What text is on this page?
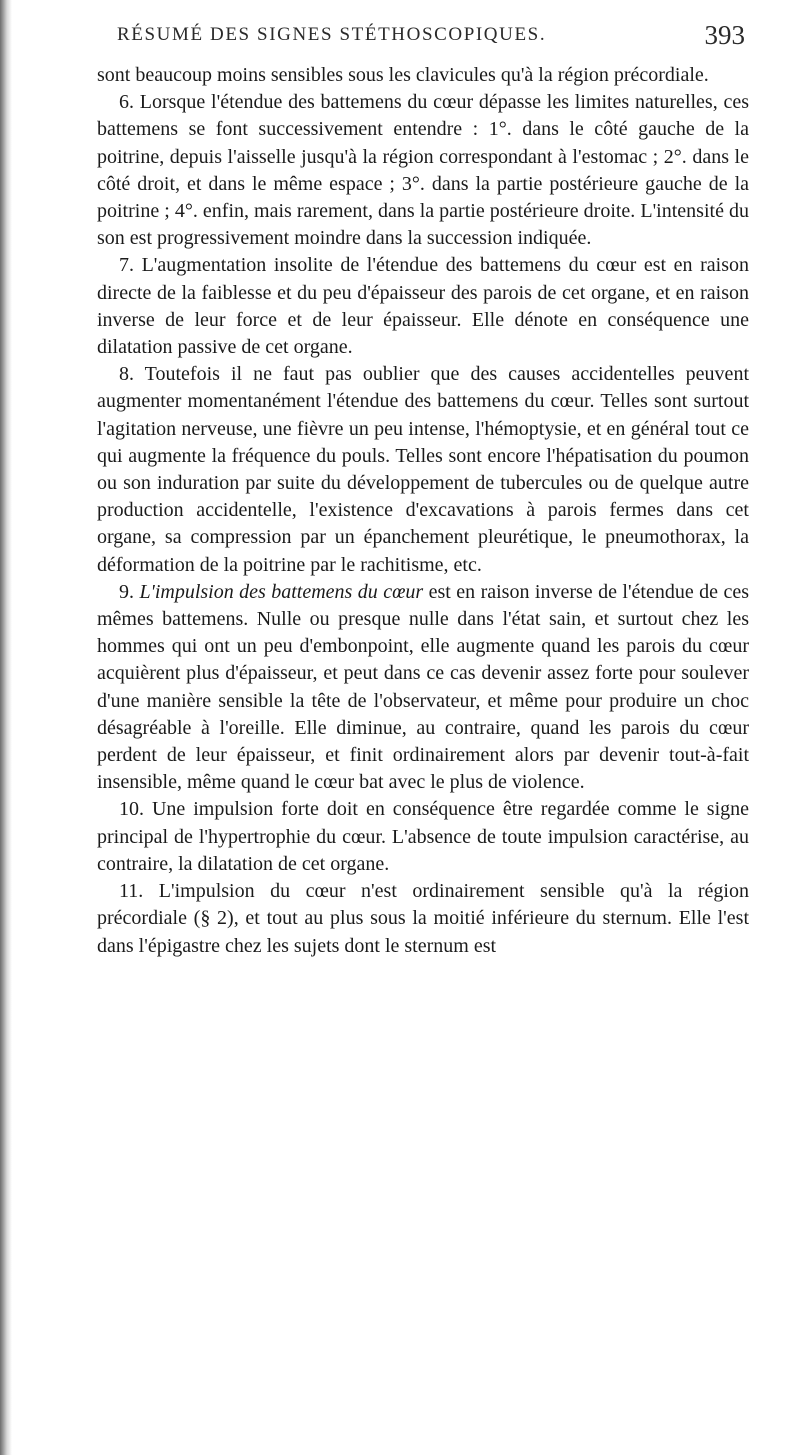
RÉSUMÉ DES SIGNES STÉTHOSCOPIQUES.	393

sont beaucoup moins sensibles sous les clavicules qu'à la région précordiale.

6. Lorsque l'étendue des battemens du cœur dépasse les limites naturelles, ces battemens se font successivement entendre : 1°. dans le côté gauche de la poitrine, depuis l'aisselle jusqu'à la région correspondant à l'estomac ; 2°. dans le côté droit, et dans le même espace ; 3°. dans la partie postérieure gauche de la poitrine ; 4°. enfin, mais rarement, dans la partie postérieure droite. L'intensité du son est progressivement moindre dans la succession indiquée.

7. L'augmentation insolite de l'étendue des battemens du cœur est en raison directe de la faiblesse et du peu d'épaisseur des parois de cet organe, et en raison inverse de leur force et de leur épaisseur. Elle dénote en conséquence une dilatation passive de cet organe.

8. Toutefois il ne faut pas oublier que des causes accidentelles peuvent augmenter momentanément l'étendue des battemens du cœur. Telles sont surtout l'agitation nerveuse, une fièvre un peu intense, l'hémoptysie, et en général tout ce qui augmente la fréquence du pouls. Telles sont encore l'hépatisation du poumon ou son induration par suite du développement de tubercules ou de quelque autre production accidentelle, l'existence d'excavations à parois fermes dans cet organe, sa compression par un épanchement pleurétique, le pneumothorax, la déformation de la poitrine par le rachitisme, etc.

9. L'impulsion des battemens du cœur est en raison inverse de l'étendue de ces mêmes battemens. Nulle ou presque nulle dans l'état sain, et surtout chez les hommes qui ont un peu d'embonpoint, elle augmente quand les parois du cœur acquièrent plus d'épaisseur, et peut dans ce cas devenir assez forte pour soulever d'une manière sensible la tête de l'observateur, et même pour produire un choc désagréable à l'oreille. Elle diminue, au contraire, quand les parois du cœur perdent de leur épaisseur, et finit ordinairement alors par devenir tout-à-fait insensible, même quand le cœur bat avec le plus de violence.

10. Une impulsion forte doit en conséquence être regardée comme le signe principal de l'hypertrophie du cœur. L'absence de toute impulsion caractérise, au contraire, la dilatation de cet organe.

11. L'impulsion du cœur n'est ordinairement sensible qu'à la région précordiale (§ 2), et tout au plus sous la moitié inférieure du sternum. Elle l'est dans l'épigastre chez les sujets dont le sternum est
